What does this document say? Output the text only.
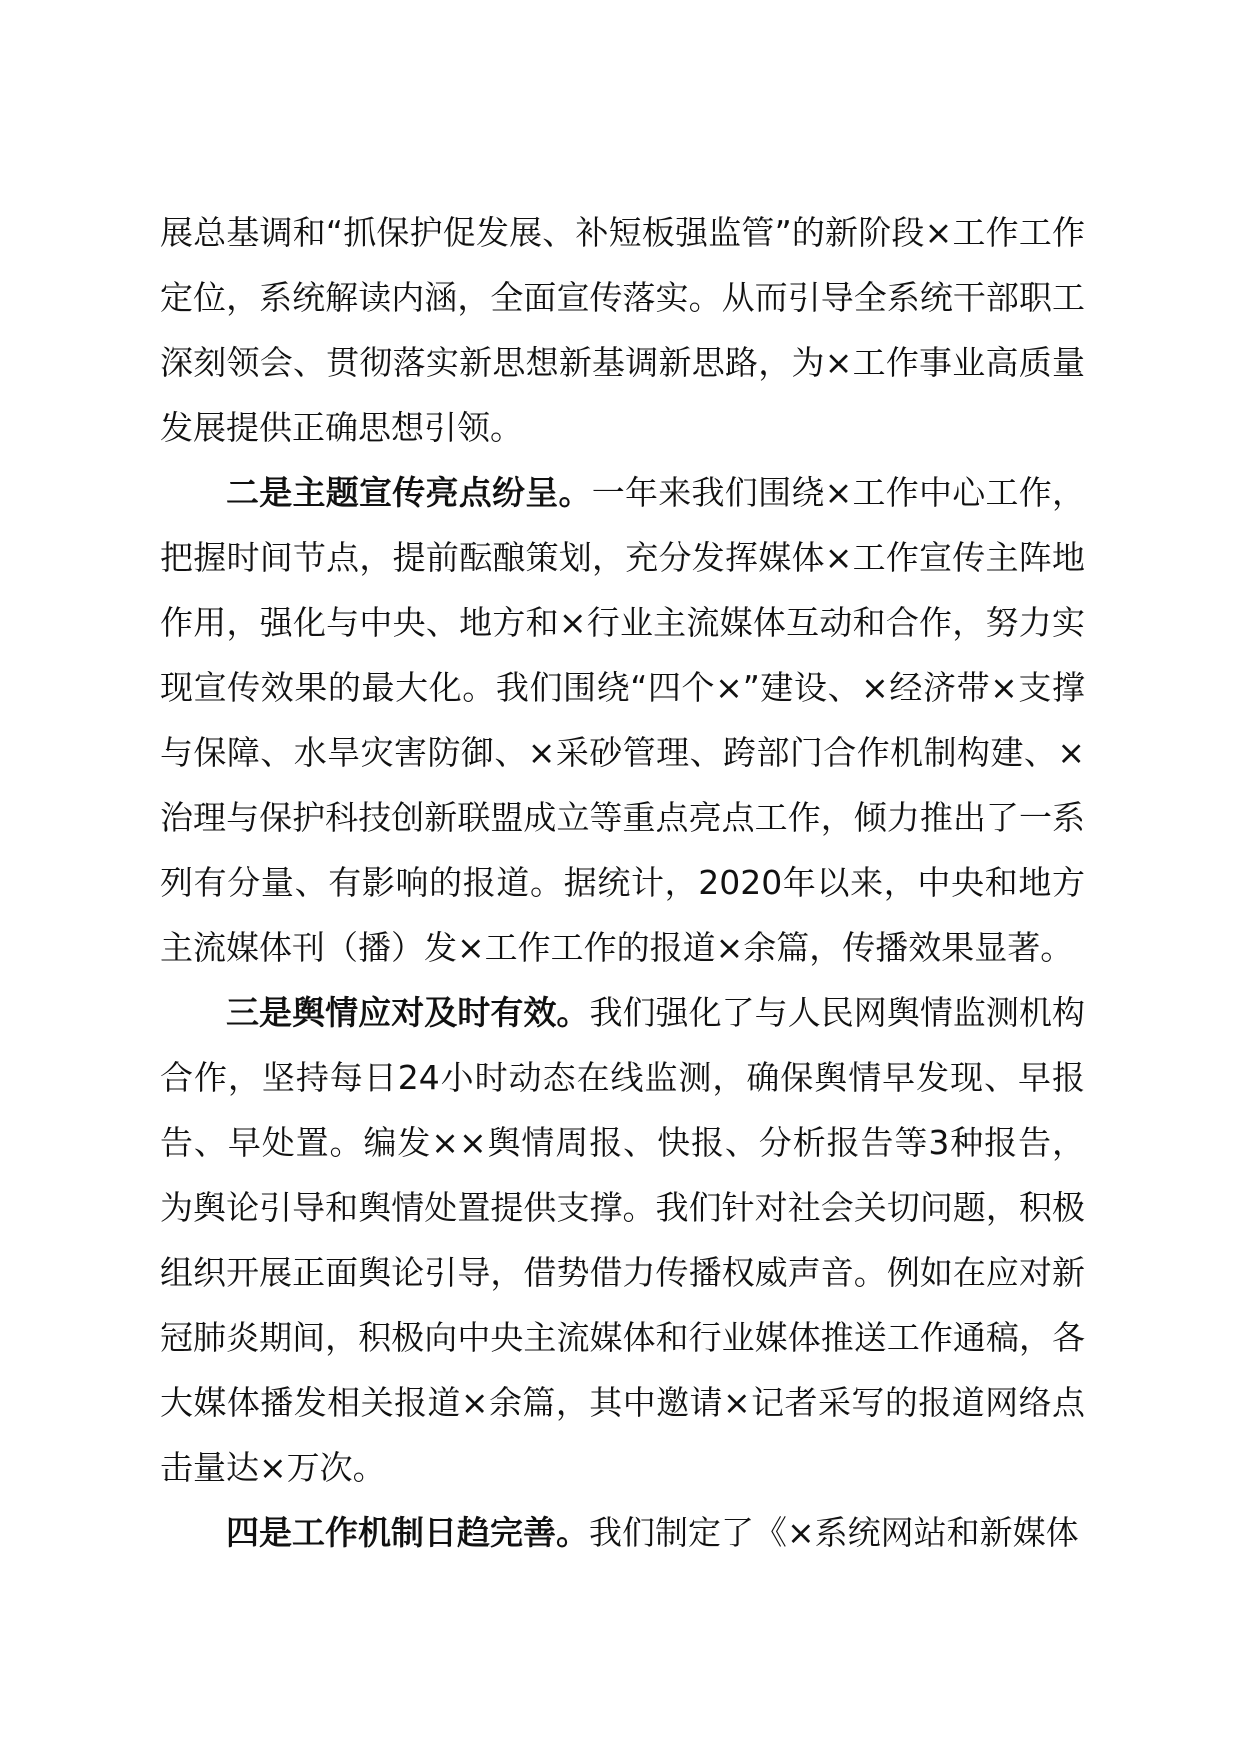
展总基调和“抓保护促发展、补短板强监管”的新阶段×工作工作定位，系统解读内涵，全面宣传落实。从而引导全系统干部职工深刻领会、贯彻落实新思想新基调新思路，为×工作事业高质量发展提供正确思想引领。

二是主题宣传亮点纷呈。一年来我们围绕×工作中心工作，把握时间节点，提前酝酿策划，充分发挥媒体×工作宣传主阵地作用，强化与中央、地方和×行业主流媒体互动和合作，努力实现宣传效果的最大化。我们围绕“四个×”建设、×经济带×支撑与保障、水旱灾害防御、×采砂管理、跨部门合作机制构建、×治理与保护科技创新联盟成立等重点亮点工作，倾力推出了一系列有分量、有影响的报道。据统计，2020年以来，中央和地方主流媒体刊（播）发×工作工作的报道×余篇，传播效果显著。

三是舆情应对及时有效。我们强化了与人民网舆情监测机构合作，坚持每日24小时动态在线监测，确保舆情早发现、早报告、早处置。编发××舆情周报、快报、分析报告等3种报告，为舆论引导和舆情处置提供支撑。我们针对社会关切问题，积极组织开展正面舆论引导，借势借力传播权威声音。例如在应对新冠肺炎期间，积极向中央主流媒体和行业媒体推送工作通稿，各大媒体播发相关报道×余篇，其中邀请×记者采写的报道网络点击量达×万次。

四是工作机制日趋完善。我们制定了《×系统网站和新媒体
